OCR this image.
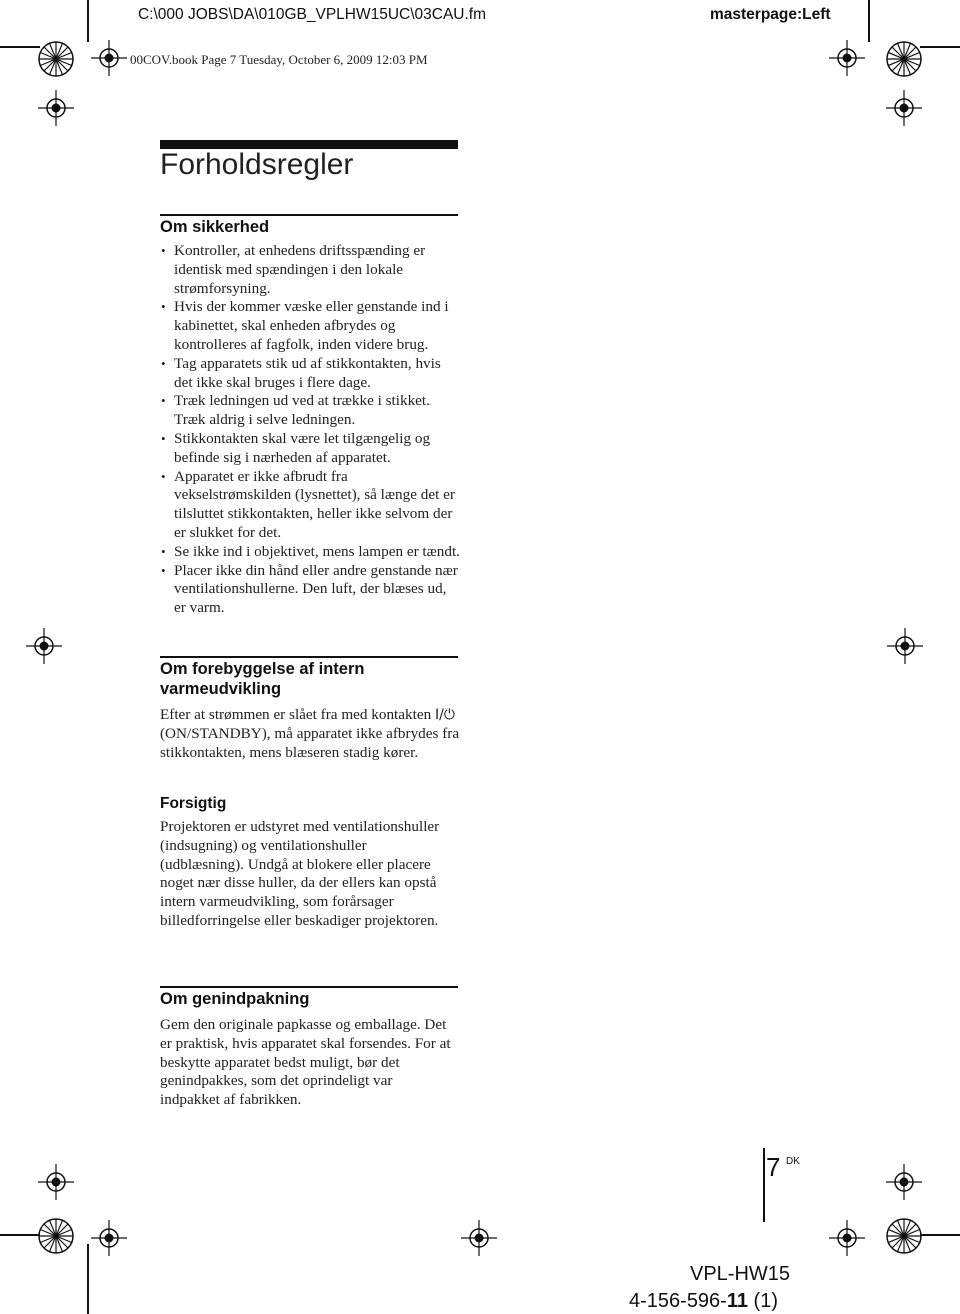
C:\000 JOBS\DA\010GB_VPLHW15UC\03CAU.fm	masterpage:Left
00COV.book Page 7 Tuesday, October 6, 2009 12:03 PM
Forholdsregler
Om sikkerhed
• Kontroller, at enhedens driftsspænding er identisk med spændingen i den lokale strømforsyning.
• Hvis der kommer væske eller genstande ind i kabinettet, skal enheden afbrydes og kontrolleres af fagfolk, inden videre brug.
• Tag apparatets stik ud af stikkontakten, hvis det ikke skal bruges i flere dage.
• Træk ledningen ud ved at trække i stikket. Træk aldrig i selve ledningen.
• Stikkontakten skal være let tilgængelig og befinde sig i nærheden af apparatet.
• Apparatet er ikke afbrudt fra vekselstrømskilden (lysnettet), så længe det er tilsluttet stikkontakten, heller ikke selvom der er slukket for det.
• Se ikke ind i objektivet, mens lampen er tændt.
• Placer ikke din hånd eller andre genstande nær ventilationshullerne. Den luft, der blæses ud, er varm.
Om forebyggelse af intern varmeudvikling

Efter at strømmen er slået fra med kontakten I/⏻ (ON/STANDBY), må apparatet ikke afbrydes fra stikkontakten, mens blæseren stadig kører.

Forsigtig

Projektoren er udstyret med ventilationshuller (indsugning) og ventilationshuller (udblæsning). Undgå at blokere eller placere noget nær disse huller, da der ellers kan opstå intern varmeudvikling, som forårsager billedforringelse eller beskadiger projektoren.

Om genindpakning

Gem den originale papkasse og emballage. Det er praktisk, hvis apparatet skal forsendes. For at beskytte apparatet bedst muligt, bør det genindpakkes, som det oprindeligt var indpakket af fabrikken.

7 DK
VPL-HW15
4-156-596-11 (1)
